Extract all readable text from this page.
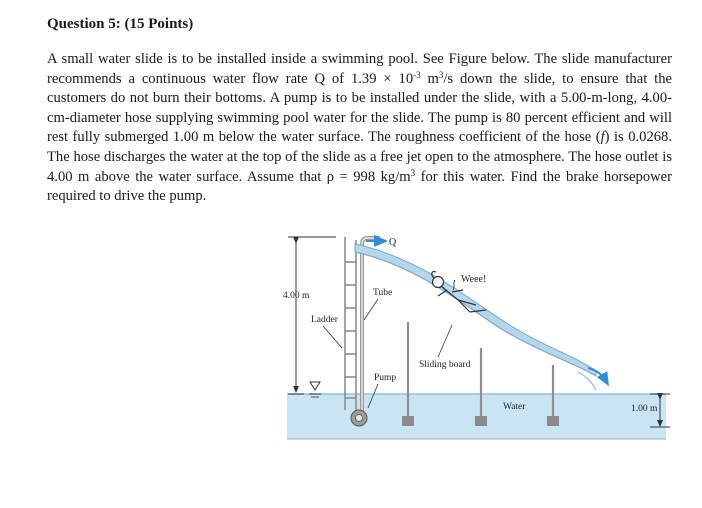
Question 5: (15 Points)

A small water slide is to be installed inside a swimming pool. See Figure below. The slide manufacturer recommends a continuous water flow rate Q of $1.39 \times 10^{-3}$ $m^3/s$ down the slide, to ensure that the customers do not burn their bottoms. A pump is to be installed under the slide, with a 5.00-m-long, 4.00-cm-diameter hose supplying swimming pool water for the slide. The pump is 80 percent efficient and will rest fully submerged 1.00 m below the water surface. The roughness coefficient of the hose (f) is 0.0268. The hose discharges the water at the top of the slide as a free jet open to the atmosphere. The hose outlet is 4.00 m above the water surface. Assume that ρ = 998 $kg/m^3$ for this water. Find the brake horsepower required to drive the pump.

Q
Weee!
4.00 m	Tube
Ladder
Sliding board
Pump
Water	1.00 m
